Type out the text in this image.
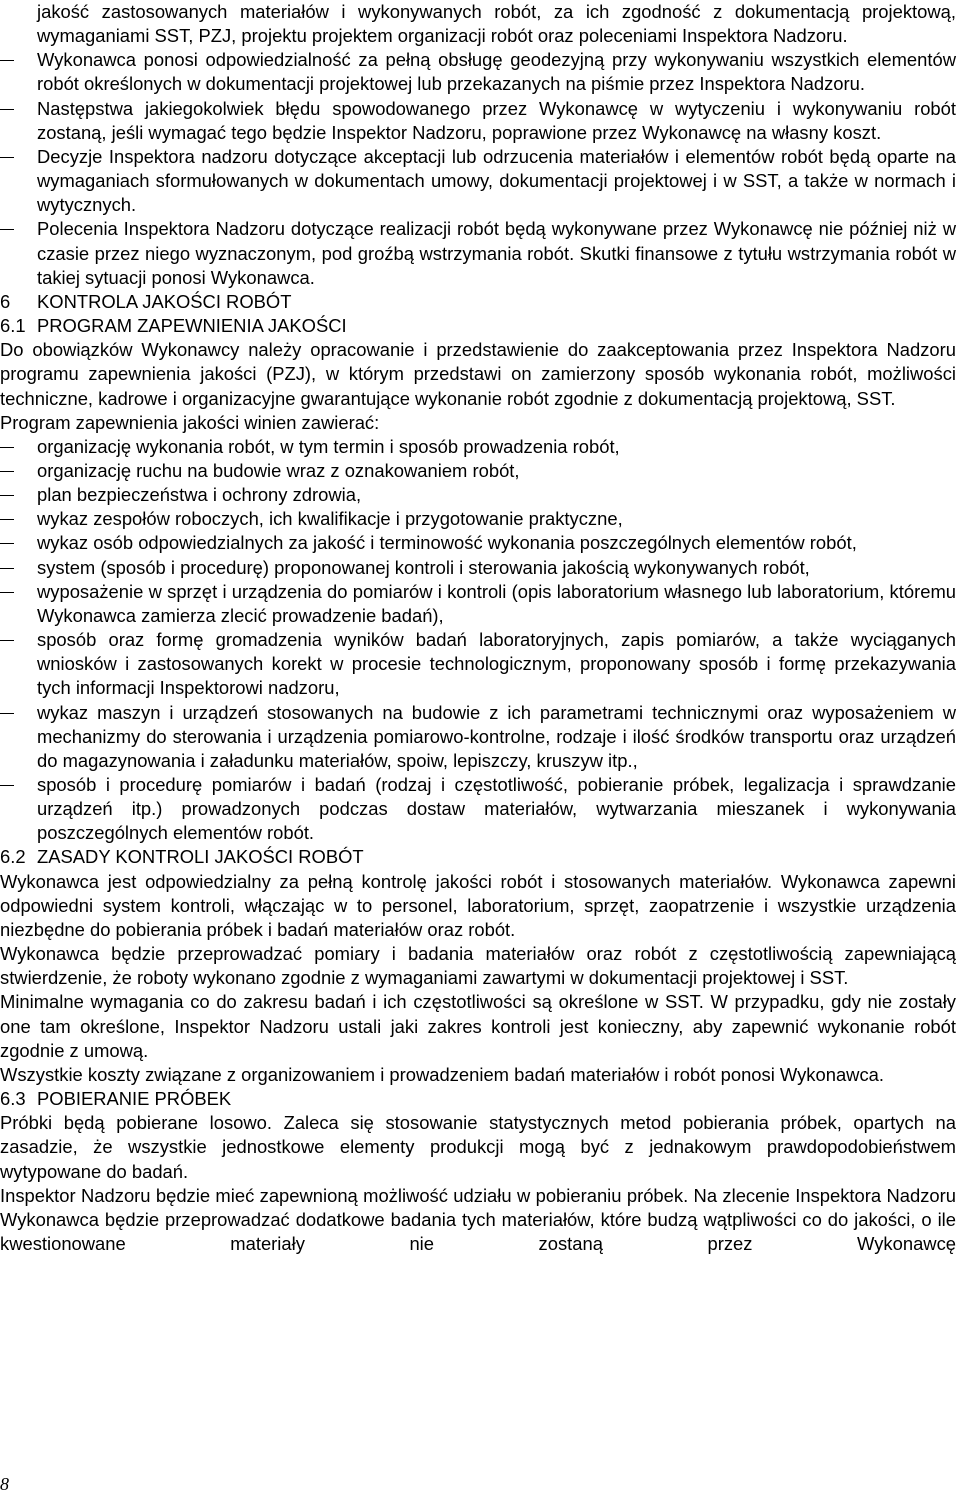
jakość zastosowanych materiałów i wykonywanych robót, za ich zgodność z dokumentacją projektową, wymaganiami SST, PZJ, projektu projektem organizacji robót oraz poleceniami Inspektora Nadzoru.
Wykonawca ponosi odpowiedzialność za pełną obsługę geodezyjną przy wykonywaniu wszystkich elementów robót określonych w dokumentacji projektowej lub przekazanych na piśmie przez Inspektora Nadzoru.
Następstwa jakiegokolwiek błędu spowodowanego przez Wykonawcę w wytyczeniu i wykonywaniu robót zostaną, jeśli wymagać tego będzie Inspektor Nadzoru, poprawione przez Wykonawcę na własny koszt.
Decyzje Inspektora nadzoru dotyczące akceptacji lub odrzucenia materiałów i elementów robót będą oparte na wymaganiach sformułowanych w dokumentach umowy, dokumentacji projektowej i w SST, a także w normach i wytycznych.
Polecenia Inspektora Nadzoru dotyczące realizacji robót będą wykonywane przez Wykonawcę nie później niż w czasie przez niego wyznaczonym, pod groźbą wstrzymania robót. Skutki finansowe z tytułu wstrzymania robót w takiej sytuacji ponosi Wykonawca.
6	KONTROLA JAKOŚCI ROBÓT
6.1 PROGRAM ZAPEWNIENIA JAKOŚCI
Do obowiązków Wykonawcy należy opracowanie i przedstawienie do zaakceptowania przez Inspektora Nadzoru programu zapewnienia jakości (PZJ), w którym przedstawi on zamierzony sposób wykonania robót, możliwości techniczne, kadrowe i organizacyjne gwarantujące wykonanie robót zgodnie z dokumentacją projektową, SST.
Program zapewnienia jakości winien zawierać:
organizację wykonania robót, w tym termin i sposób prowadzenia robót,
organizację ruchu na budowie wraz z oznakowaniem robót,
plan bezpieczeństwa i ochrony zdrowia,
wykaz zespołów roboczych, ich kwalifikacje i przygotowanie praktyczne,
wykaz osób odpowiedzialnych za jakość i terminowość wykonania poszczególnych elementów robót,
system (sposób i procedurę) proponowanej kontroli i sterowania jakością wykonywanych robót,
wyposażenie w sprzęt i urządzenia do pomiarów i kontroli (opis laboratorium własnego lub laboratorium, któremu Wykonawca zamierza zlecić prowadzenie badań),
sposób oraz formę gromadzenia wyników badań laboratoryjnych, zapis pomiarów, a także wyciąganych wniosków i zastosowanych korekt w procesie technologicznym, proponowany sposób i formę przekazywania tych informacji Inspektorowi nadzoru,
wykaz maszyn i urządzeń stosowanych na budowie z ich parametrami technicznymi oraz wyposażeniem w mechanizmy do sterowania i urządzenia pomiarowo-kontrolne, rodzaje i ilość środków transportu oraz urządzeń do magazynowania i załadunku materiałów, spoiw, lepiszczy, kruszyw itp.,
sposób i procedurę pomiarów i badań (rodzaj i częstotliwość, pobieranie próbek, legalizacja i sprawdzanie urządzeń itp.) prowadzonych podczas dostaw materiałów, wytwarzania mieszanek i wykonywania poszczególnych elementów robót.
6.2 ZASADY KONTROLI JAKOŚCI ROBÓT
Wykonawca jest odpowiedzialny za pełną kontrolę jakości robót i stosowanych materiałów. Wykonawca zapewni odpowiedni system kontroli, włączając w to personel, laboratorium, sprzęt, zaopatrzenie i wszystkie urządzenia niezbędne do pobierania próbek i badań materiałów oraz robót.
Wykonawca będzie przeprowadzać pomiary i badania materiałów oraz robót z częstotliwością zapewniającą stwierdzenie, że roboty wykonano zgodnie z wymaganiami zawartymi w dokumentacji projektowej i SST.
Minimalne wymagania co do zakresu badań i ich częstotliwości są określone w SST. W przypadku, gdy nie zostały one tam określone, Inspektor Nadzoru ustali jaki zakres kontroli jest konieczny, aby zapewnić wykonanie robót zgodnie z umową.
Wszystkie koszty związane z organizowaniem i prowadzeniem badań materiałów i robót ponosi Wykonawca.
6.3 POBIERANIE PRÓBEK
Próbki będą pobierane losowo. Zaleca się stosowanie statystycznych metod pobierania próbek, opartych na zasadzie, że wszystkie jednostkowe elementy produkcji mogą być z jednakowym prawdopodobieństwem wytypowane do badań.
Inspektor Nadzoru będzie mieć zapewnioną możliwość udziału w pobieraniu próbek. Na zlecenie Inspektora Nadzoru Wykonawca będzie przeprowadzać dodatkowe badania tych materiałów, które budzą wątpliwości co do jakości, o ile kwestionowane materiały nie zostaną przez Wykonawcę
8
